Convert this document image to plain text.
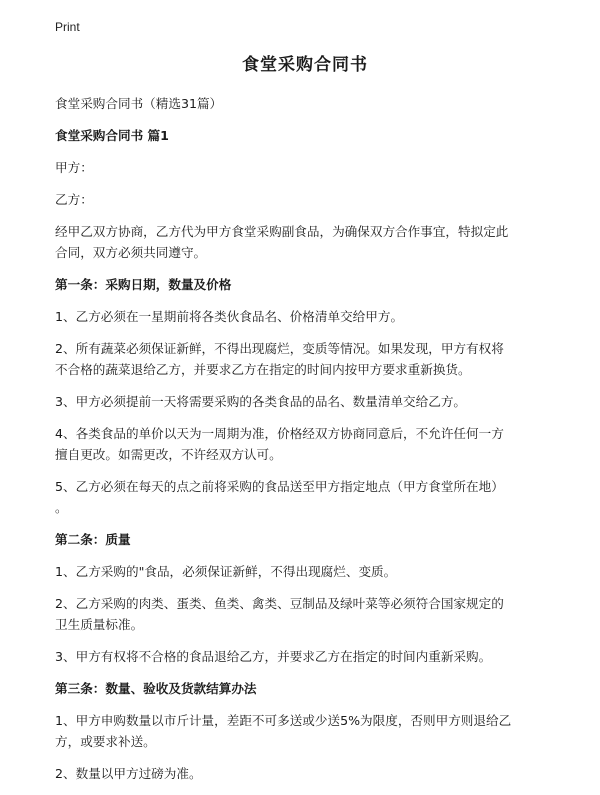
Print
食堂采购合同书
食堂采购合同书（精选31篇）
食堂采购合同书 篇1
甲方：
乙方：
经甲乙双方协商，乙方代为甲方食堂采购副食品，为确保双方合作事宜，特拟定此
合同，双方必须共同遵守。
第一条：采购日期，数量及价格
1、乙方必须在一星期前将各类伙食品名、价格清单交给甲方。
2、所有蔬菜必须保证新鲜，不得出现腐烂，变质等情况。如果发现，甲方有权将
不合格的蔬菜退给乙方，并要求乙方在指定的时间内按甲方要求重新换货。
3、甲方必须提前一天将需要采购的各类食品的品名、数量清单交给乙方。
4、各类食品的单价以天为一周期为准，价格经双方协商同意后，不允许任何一方
擅自更改。如需更改，不许经双方认可。
5、乙方必须在每天的点之前将采购的食品送至甲方指定地点（甲方食堂所在地）
。
第二条：质量
1、乙方采购的"食品，必须保证新鲜，不得出现腐烂、变质。
2、乙方采购的肉类、蛋类、鱼类、禽类、豆制品及绿叶菜等必须符合国家规定的
卫生质量标准。
3、甲方有权将不合格的食品退给乙方，并要求乙方在指定的时间内重新采购。
第三条：数量、验收及货款结算办法
1、甲方申购数量以市斤计量，差距不可多送或少送5%为限度，否则甲方则退给乙
方，或要求补送。
2、数量以甲方过磅为准。
